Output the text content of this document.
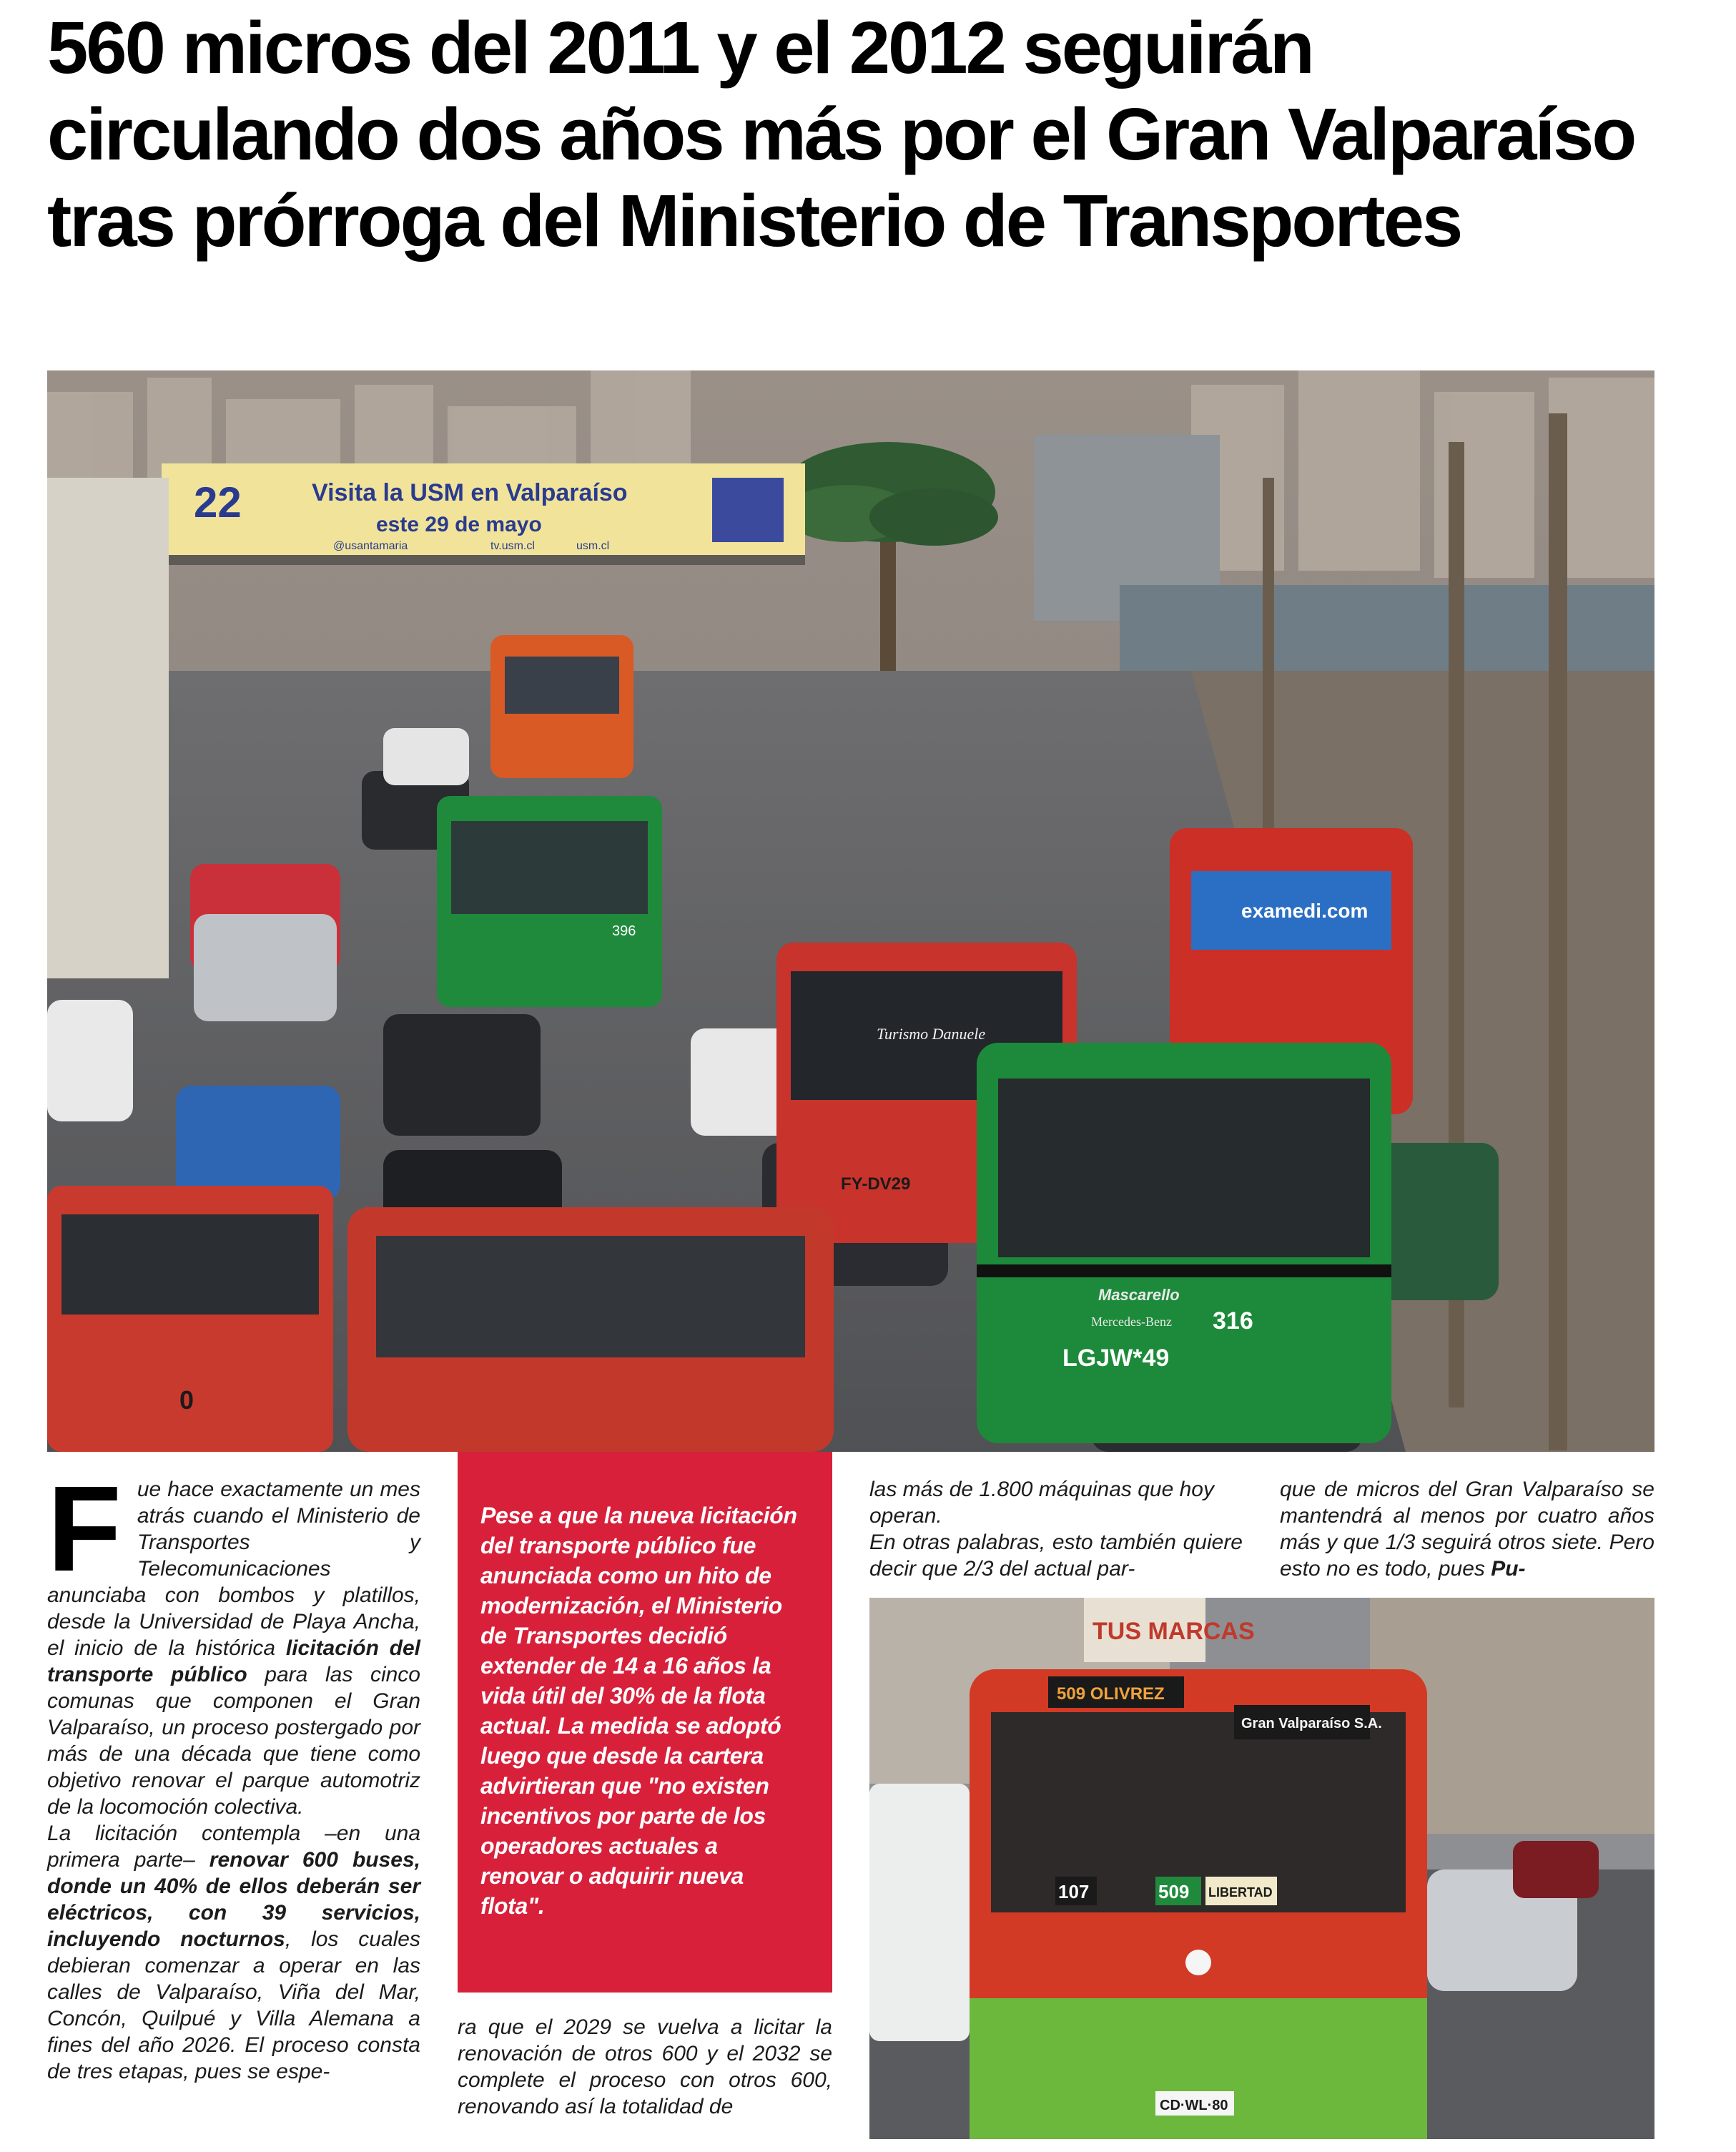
560 micros del 2011 y el 2012 seguirán circulando dos años más por el Gran Valparaíso tras prórroga del Ministerio de Transportes
22	Visita la USM en Valparaíso
este 29 de mayo
@usantamaria	tv.usm.cl	usm.cl
396
Turismo Danuele
FY-DV29
examedi.com
Mascarello
Mercedes-Benz 316
LGJW*49
0

Fue hace exactamente un mes atrás cuando el Ministerio de Transportes y Telecomunicaciones anunciaba con bombos y platillos, desde la Universidad de Playa Ancha, el inicio de la histórica licitación del transporte público para las cinco comunas que componen el Gran Valparaíso, un proceso postergado por más de una década que tiene como objetivo renovar el parque automotriz de la locomoción colectiva.

La licitación contempla –en una primera parte– renovar 600 buses, donde un 40% de ellos deberán ser eléctricos, con 39 servicios, incluyendo nocturnos, los cuales debieran comenzar a operar en las calles de Valparaíso, Viña del Mar, Concón, Quilpué y Villa Alemana a fines del año 2026. El proceso consta de tres etapas, pues se espe-

Pese a que la nueva licitación del transporte público fue anunciada como un hito de modernización, el Ministerio de Transportes decidió extender de 14 a 16 años la vida útil del 30% de la flota actual. La medida se adoptó luego que desde la cartera advirtieran que "no existen incentivos por parte de los operadores actuales a renovar o adquirir nueva flota".

ra que el 2029 se vuelva a licitar la renovación de otros 600 y el 2032 se complete el proceso con otros 600, renovando así la totalidad de

las más de 1.800 máquinas que hoy operan.

En otras palabras, esto también quiere decir que 2/3 del actual par-

que de micros del Gran Valparaíso se mantendrá al menos por cuatro años más y que 1/3 seguirá otros siete. Pero esto no es todo, pues Pu-

TUS MARCAS
509 OLIVREZ
Gran Valparaíso S.A.
107	509 LIBERTAD
CD·WL·80
